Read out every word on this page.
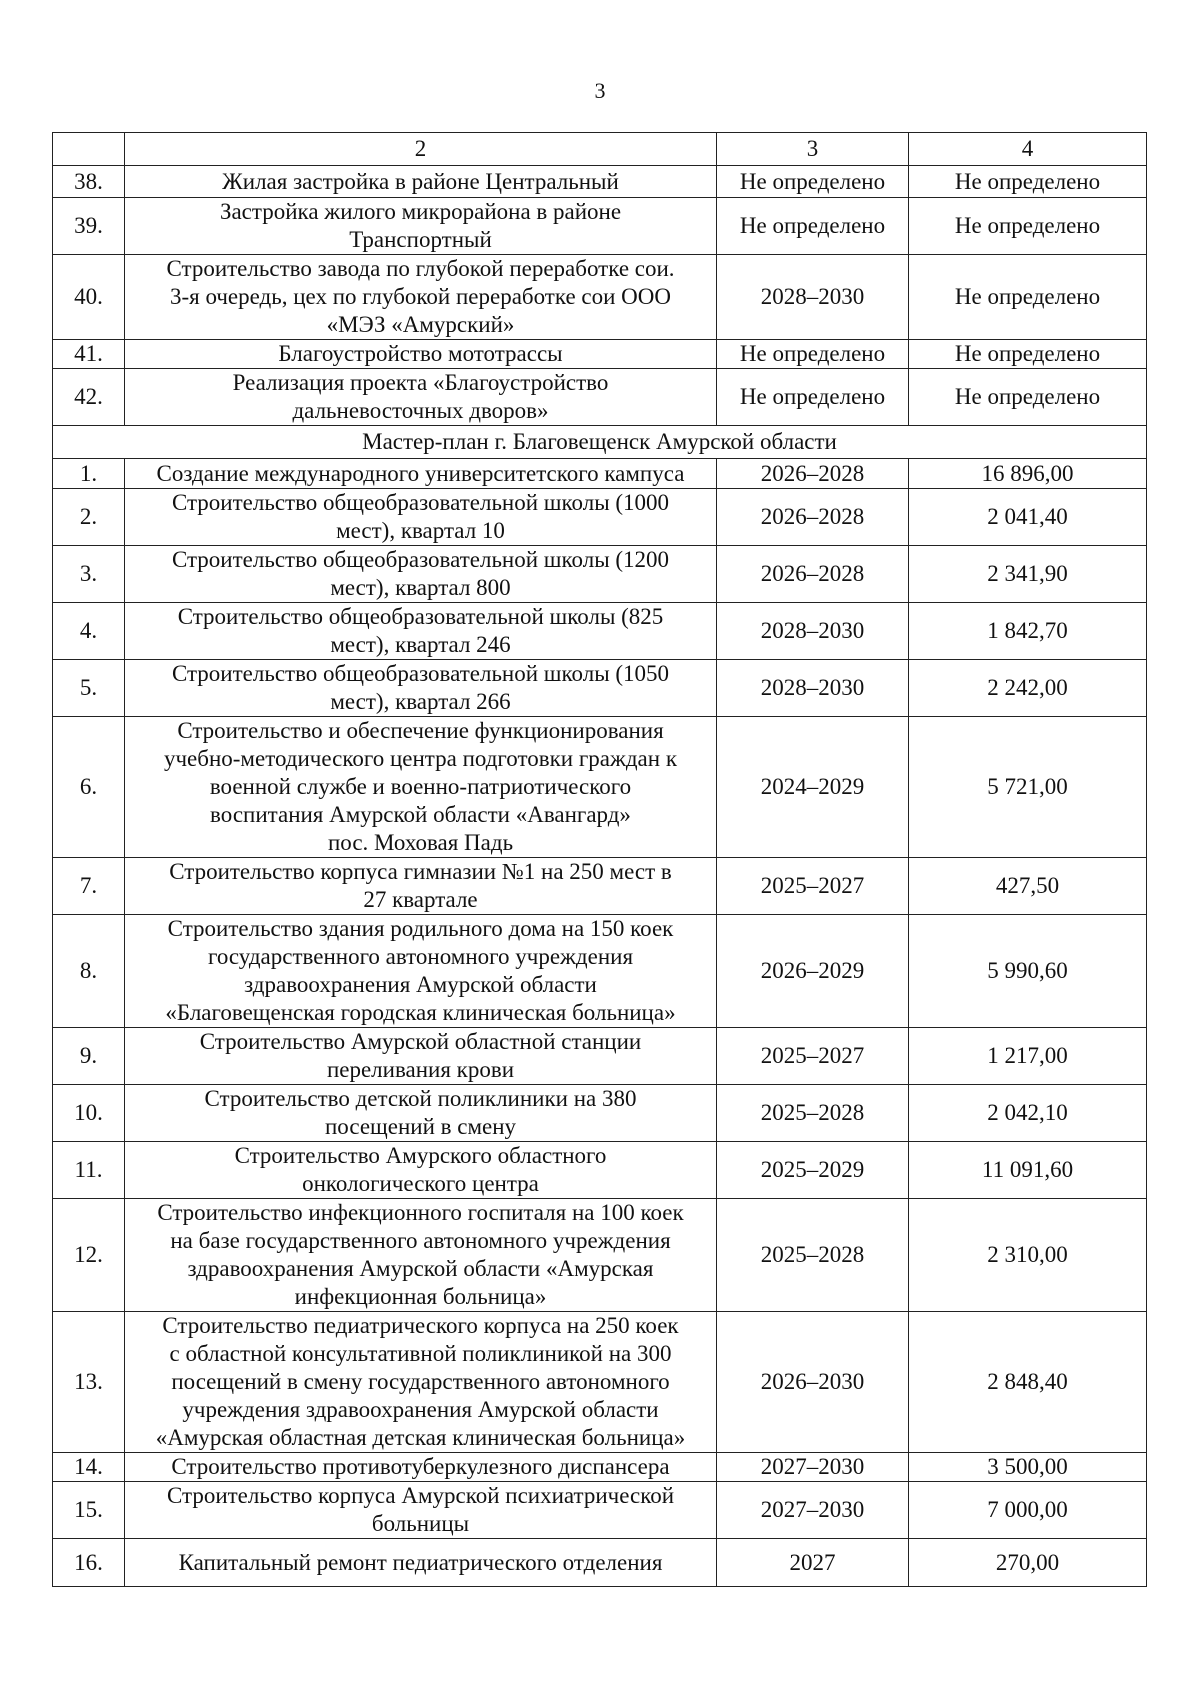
3
	2	3	4
38.	Жилая застройка в районе Центральный	Не определено	Не определено
39.	Застройка жилого микрорайона в районе
Транспортный	Не определено	Не определено
40.	Строительство завода по глубокой переработке сои.
3-я очередь, цех по глубокой переработке сои ООО
«МЭЗ «Амурский»	2028–2030	Не определено
41.	Благоустройство мототрассы	Не определено	Не определено
42.	Реализация проекта «Благоустройство
дальневосточных дворов»	Не определено	Не определено
Мастер-план г. Благовещенск Амурской области			
1.	Создание международного университетского кампуса	2026–2028	16 896,00
2.	Строительство общеобразовательной школы (1000
мест), квартал 10	2026–2028	2 041,40
3.	Строительство общеобразовательной школы (1200
мест), квартал 800	2026–2028	2 341,90
4.	Строительство общеобразовательной школы (825
мест), квартал 246	2028–2030	1 842,70
5.	Строительство общеобразовательной школы (1050
мест), квартал 266	2028–2030	2 242,00
6.	Строительство и обеспечение функционирования
учебно-методического центра подготовки граждан к
военной службе и военно-патриотического
воспитания Амурской области «Авангард»
пос. Моховая Падь	2024–2029	5 721,00
7.	Строительство корпуса гимназии №1 на 250 мест в
27 квартале	2025–2027	427,50
8.	Строительство здания родильного дома на 150 коек
государственного автономного учреждения
здравоохранения Амурской области
«Благовещенская городская клиническая больница»	2026–2029	5 990,60
9.	Строительство Амурской областной станции
переливания крови	2025–2027	1 217,00
10.	Строительство детской поликлиники на 380
посещений в смену	2025–2028	2 042,10
11.	Строительство Амурского областного
онкологического центра	2025–2029	11 091,60
12.	Строительство инфекционного госпиталя на 100 коек
на базе государственного автономного учреждения
здравоохранения Амурской области «Амурская
инфекционная больница»	2025–2028	2 310,00
13.	Строительство педиатрического корпуса на 250 коек
с областной консультативной поликлиникой на 300
посещений в смену государственного автономного
учреждения здравоохранения Амурской области
«Амурская областная детская клиническая больница»	2026–2030	2 848,40
14.	Строительство противотуберкулезного диспансера	2027–2030	3 500,00
15.	Строительство корпуса Амурской психиатрической
больницы	2027–2030	7 000,00
16.	Капитальный ремонт педиатрического отделения	2027	270,00
